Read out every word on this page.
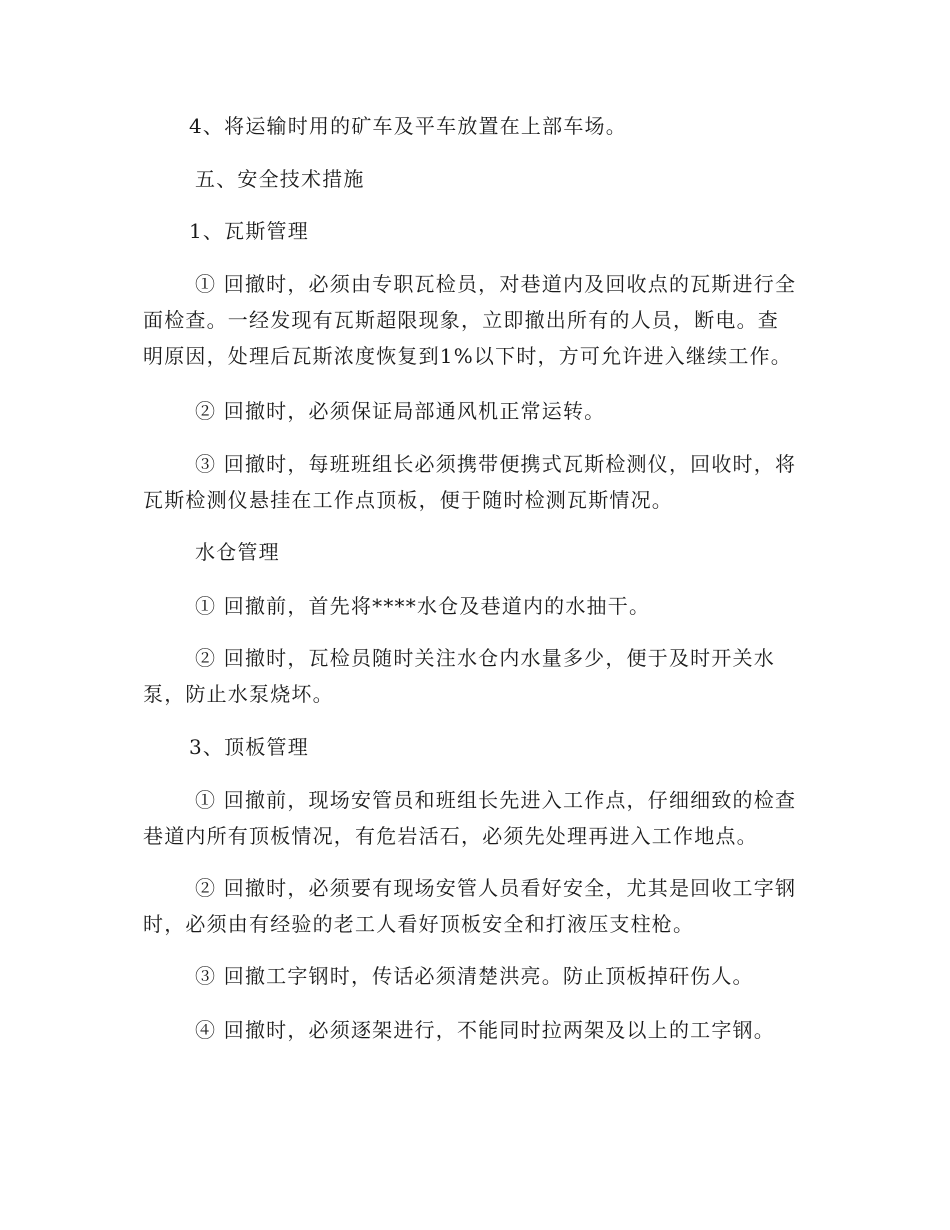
4、将运输时用的矿车及平车放置在上部车场。
五、安全技术措施
1、瓦斯管理
① 回撤时，必须由专职瓦检员，对巷道内及回收点的瓦斯进行全
面检查。一经发现有瓦斯超限现象，立即撤出所有的人员，断电。查
明原因，处理后瓦斯浓度恢复到1%以下时，方可允许进入继续工作。
② 回撤时，必须保证局部通风机正常运转。
③ 回撤时，每班班组长必须携带便携式瓦斯检测仪，回收时，将
瓦斯检测仪悬挂在工作点顶板，便于随时检测瓦斯情况。
水仓管理
① 回撤前，首先将****水仓及巷道内的水抽干。
② 回撤时，瓦检员随时关注水仓内水量多少，便于及时开关水
泵，防止水泵烧坏。
3、顶板管理
① 回撤前，现场安管员和班组长先进入工作点，仔细细致的检查
巷道内所有顶板情况，有危岩活石，必须先处理再进入工作地点。
② 回撤时，必须要有现场安管人员看好安全，尤其是回收工字钢
时，必须由有经验的老工人看好顶板安全和打液压支柱枪。
③ 回撤工字钢时，传话必须清楚洪亮。防止顶板掉矸伤人。
④ 回撤时，必须逐架进行，不能同时拉两架及以上的工字钢。
